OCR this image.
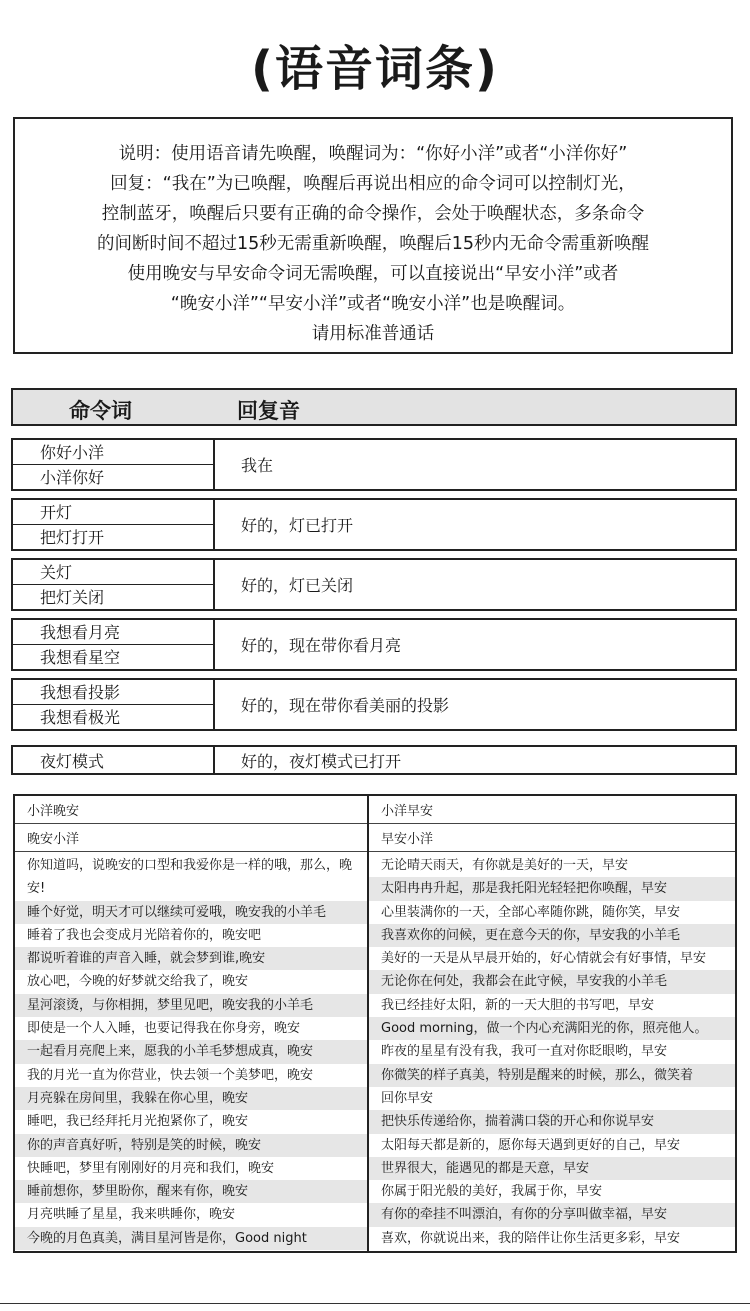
(语音词条)
说明：使用语音请先唤醒，唤醒词为：“你好小洋”或者“小洋你好”
回复：“我在”为已唤醒，唤醒后再说出相应的命令词可以控制灯光，
控制蓝牙，唤醒后只要有正确的命令操作，会处于唤醒状态，多条命令
的间断时间不超过15秒无需重新唤醒，唤醒后15秒内无命令需重新唤醒
使用晚安与早安命令词无需唤醒，可以直接说出“早安小洋”或者
“晚安小洋”“早安小洋”或者“晚安小洋”也是唤醒词。
请用标准普通话
命令词	回复音
你好小洋
小洋你好
我在
开灯
把灯打开
好的，灯已打开
关灯
把灯关闭
好的，灯已关闭
我想看月亮
我想看星空
好的，现在带你看月亮
我想看投影
我想看极光
好的，现在带你看美丽的投影
夜灯模式	好的，夜灯模式已打开
小洋晚安
晚安小洋
你知道吗，说晚安的口型和我爱你是一样的哦，那么，晚安!
睡个好觉，明天才可以继续可爱哦，晚安我的小羊毛
睡着了我也会变成月光陪着你的，晚安吧
都说听着谁的声音入睡，就会梦到谁,晚安
放心吧，今晚的好梦就交给我了，晚安
星河滚烫，与你相拥，梦里见吧，晚安我的小羊毛
即使是一个人入睡，也要记得我在你身旁，晚安
一起看月亮爬上来，愿我的小羊毛梦想成真，晚安
我的月光一直为你营业，快去领一个美梦吧，晚安
月亮躲在房间里，我躲在你心里，晚安
睡吧，我已经拜托月光抱紧你了，晚安
你的声音真好听，特别是笑的时候，晚安
快睡吧，梦里有刚刚好的月亮和我们，晚安
睡前想你，梦里盼你，醒来有你，晚安
月亮哄睡了星星，我来哄睡你，晚安
今晚的月色真美，满目星河皆是你，Good night
小洋早安
早安小洋
无论晴天雨天，有你就是美好的一天，早安
太阳冉冉升起，那是我托阳光轻轻把你唤醒，早安
心里装满你的一天，全部心率随你跳，随你笑，早安
我喜欢你的问候，更在意今天的你，早安我的小羊毛
美好的一天是从早晨开始的，好心情就会有好事情，早安
无论你在何处，我都会在此守候，早安我的小羊毛
我已经挂好太阳，新的一天大胆的书写吧，早安
Good morning，做一个内心充满阳光的你，照亮他人。
昨夜的星星有没有我，我可一直对你眨眼哟，早安
你微笑的样子真美，特别是醒来的时候，那么，微笑着
回你早安
把快乐传递给你，揣着满口袋的开心和你说早安
太阳每天都是新的，愿你每天遇到更好的自己，早安
世界很大，能遇见的都是天意，早安
你属于阳光般的美好，我属于你，早安
有你的牵挂不叫漂泊，有你的分享叫做幸福，早安
喜欢，你就说出来，我的陪伴让你生活更多彩，早安
